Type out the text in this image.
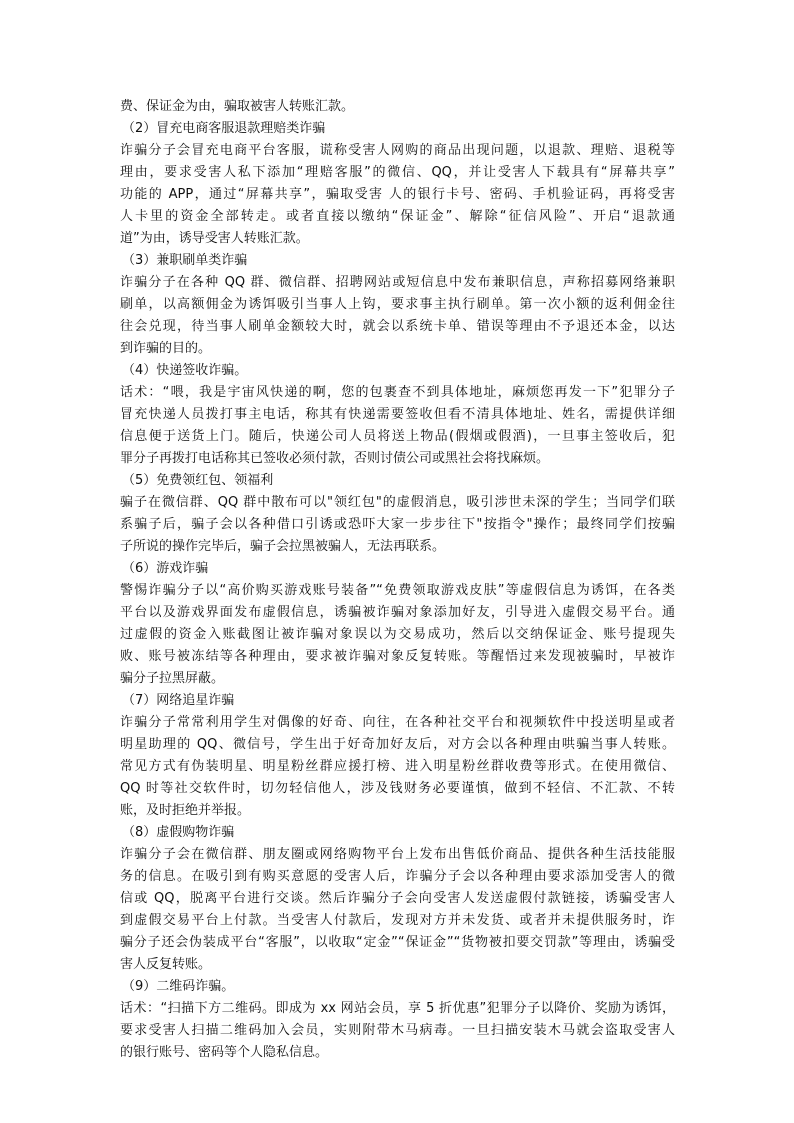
费、保证金为由，骗取被害人转账汇款。
（2）冒充电商客服退款理赔类诈骗
诈骗分子会冒充电商平台客服，谎称受害人网购的商品出现问题，以退款、理赔、退税等
理由，要求受害人私下添加“理赔客服”的微信、QQ，并让受害人下载具有“屏幕共享”
功能的 APP，通过“屏幕共享”，骗取受害 人的银行卡号、密码、手机验证码，再将受害
人卡里的资金全部转走。或者直接以缴纳“保证金”、解除“征信风险”、开启“退款通
道”为由，诱导受害人转账汇款。
（3）兼职刷单类诈骗
诈骗分子在各种 QQ 群、微信群、招聘网站或短信息中发布兼职信息，声称招募网络兼职
刷单，以高额佣金为诱饵吸引当事人上钩，要求事主执行刷单。第一次小额的返利佣金往
往会兑现，待当事人刷单金额较大时，就会以系统卡单、错误等理由不予退还本金，以达
到诈骗的目的。
（4）快递签收诈骗。
话术：“喂，我是宇宙风快递的啊，您的包裹查不到具体地址，麻烦您再发一下”犯罪分子
冒充快递人员拨打事主电话，称其有快递需要签收但看不清具体地址、姓名，需提供详细
信息便于送货上门。随后，快递公司人员将送上物品(假烟或假酒)，一旦事主签收后，犯
罪分子再拨打电话称其已签收必须付款，否则讨债公司或黑社会将找麻烦。
（5）免费领红包、领福利
骗子在微信群、QQ 群中散布可以"领红包"的虚假消息，吸引涉世未深的学生；当同学们联
系骗子后，骗子会以各种借口引诱或恐吓大家一步步往下"按指令"操作；最终同学们按骗
子所说的操作完毕后，骗子会拉黑被骗人，无法再联系。
（6）游戏诈骗
警惕诈骗分子以“高价购买游戏账号装备”“免费领取游戏皮肤”等虚假信息为诱饵，在各类
平台以及游戏界面发布虚假信息，诱骗被诈骗对象添加好友，引导进入虚假交易平台。通
过虚假的资金入账截图让被诈骗对象误以为交易成功，然后以交纳保证金、账号提现失
败、账号被冻结等各种理由，要求被诈骗对象反复转账。等醒悟过来发现被骗时，早被诈
骗分子拉黑屏蔽。
（7）网络追星诈骗
诈骗分子常常利用学生对偶像的好奇、向往，在各种社交平台和视频软件中投送明星或者
明星助理的 QQ、微信号，学生出于好奇加好友后，对方会以各种理由哄骗当事人转账。
常见方式有伪装明星、明星粉丝群应援打榜、进入明星粉丝群收费等形式。在使用微信、
QQ 时等社交软件时，切勿轻信他人，涉及钱财务必要谨慎，做到不轻信、不汇款、不转
账，及时拒绝并举报。
（8）虚假购物诈骗
诈骗分子会在微信群、朋友圈或网络购物平台上发布出售低价商品、提供各种生活技能服
务的信息。在吸引到有购买意愿的受害人后，诈骗分子会以各种理由要求添加受害人的微
信或 QQ，脱离平台进行交谈。然后诈骗分子会向受害人发送虚假付款链接，诱骗受害人
到虚假交易平台上付款。当受害人付款后，发现对方并未发货、或者并未提供服务时，诈
骗分子还会伪装成平台“客服”，以收取“定金”“保证金”“货物被扣要交罚款”等理由，诱骗受
害人反复转账。
（9）二维码诈骗。
话术：“扫描下方二维码。即成为 xx 网站会员，享 5 折优惠”犯罪分子以降价、奖励为诱饵，
要求受害人扫描二维码加入会员，实则附带木马病毒。一旦扫描安装木马就会盗取受害人
的银行账号、密码等个人隐私信息。
